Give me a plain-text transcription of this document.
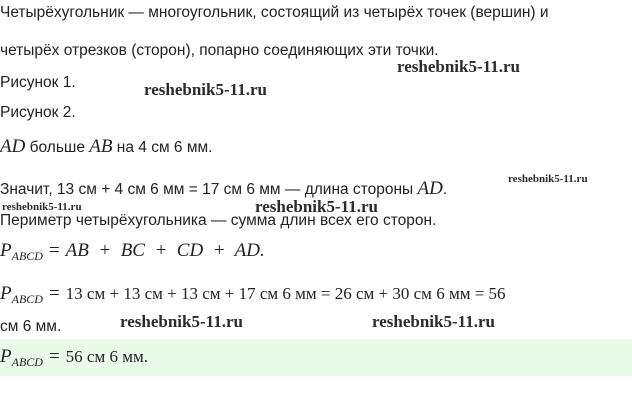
Четырёхугольник — многоугольник, состоящий из четырёх точек (вершин) и
четырёх отрезков (сторон), попарно соединяющих эти точки.
reshebnik5-11.ru
Рисунок 1.	reshebnik5-11.ru
Рисунок 2.
AD больше AB на 4 см 6 мм.
Значит, 13 см + 4 см 6 мм = 17 см 6 мм — длина стороны AD.
reshebnik5-11.ru
reshebnik5-11.ru	reshebnik5-11.ru
Периметр четырёхугольника — сумма длин всех его сторон.
$P_{ABCD}$ = AB  +  BC  +  CD  +  AD.
$P_{ABCD} = 13$ см + 13 см + 13 см + 17 см 6 мм = 26 см + 30 см 6 мм = 56
см 6 мм.	reshebnik5-11.ru	reshebnik5-11.ru
$P_{ABCD} = 56$ см 6 мм.
